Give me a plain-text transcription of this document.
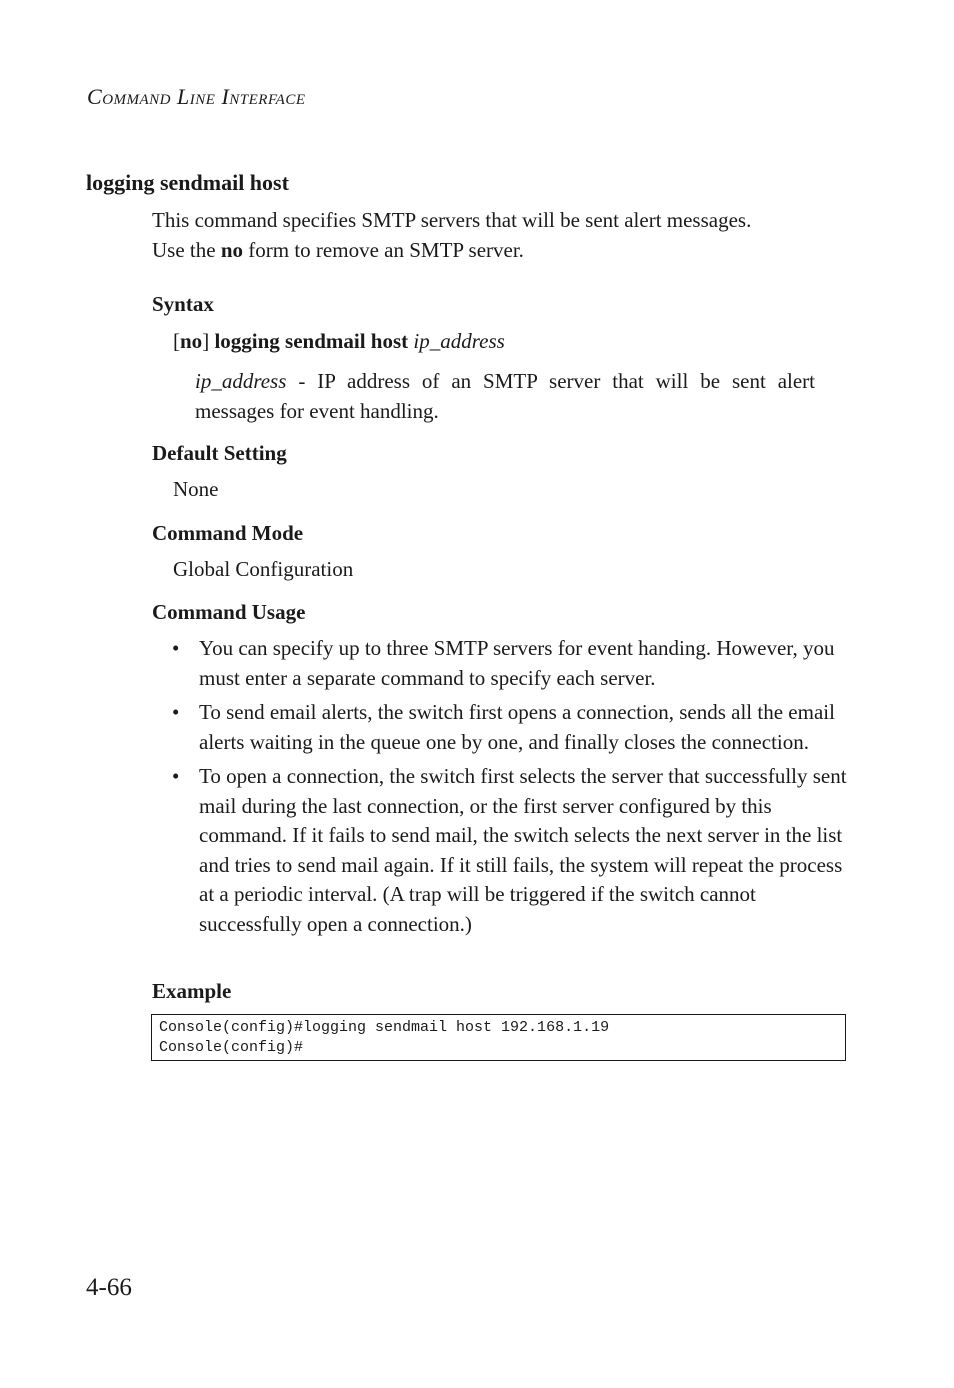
COMMAND LINE INTERFACE
logging sendmail host
This command specifies SMTP servers that will be sent alert messages.
Use the no form to remove an SMTP server.
Syntax
[no] logging sendmail host ip_address
ip_address - IP address of an SMTP server that will be sent alert messages for event handling.
Default Setting
None
Command Mode
Global Configuration
Command Usage
• You can specify up to three SMTP servers for event handing. However, you must enter a separate command to specify each server.
• To send email alerts, the switch first opens a connection, sends all the email alerts waiting in the queue one by one, and finally closes the connection.
• To open a connection, the switch first selects the server that successfully sent mail during the last connection, or the first server configured by this command. If it fails to send mail, the switch selects the next server in the list and tries to send mail again. If it still fails, the system will repeat the process at a periodic interval. (A trap will be triggered if the switch cannot successfully open a connection.)
Example
Console(config)#logging sendmail host 192.168.1.19
Console(config)#
4-66
